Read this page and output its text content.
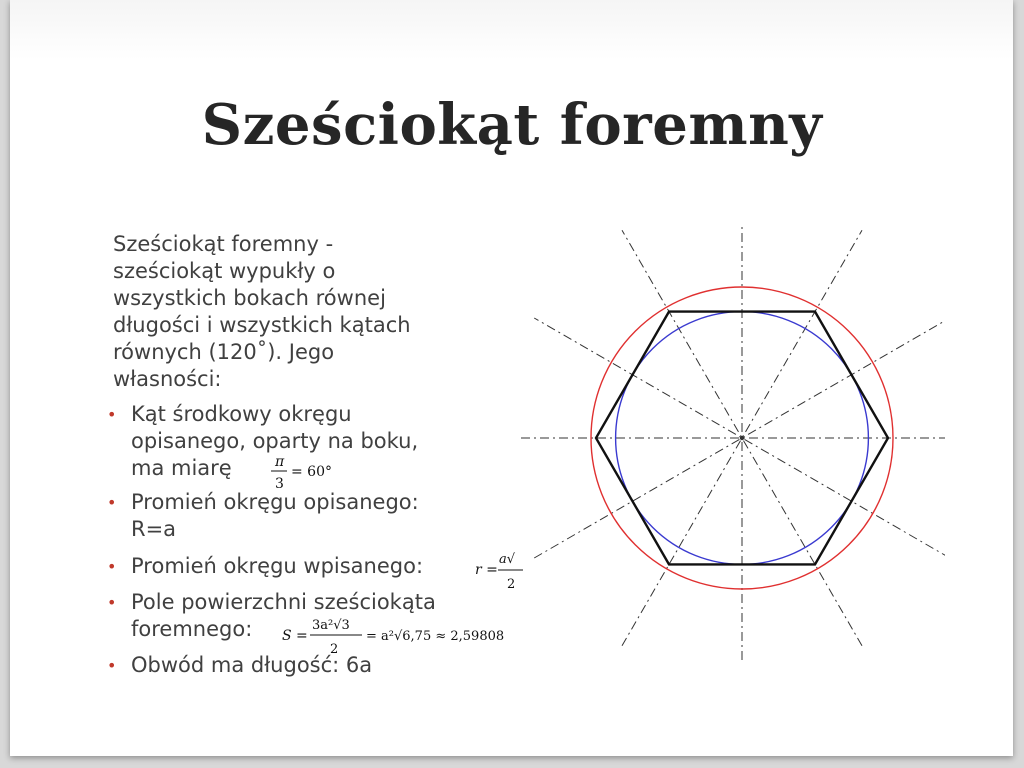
Sześciokąt foremny

Sześciokąt foremny -
sześciokąt wypukły o
wszystkich bokach równej
długości i wszystkich kątach
równych (120˚). Jego
własności:

• Kąt środkowy okręgu
opisanego, oparty na boku,
ma miarę
• Promień okręgu opisanego:
R=a
• Promień okręgu wpisanego:
• Pole powierzchni sześciokąta
foremnego:
• Obwód ma długość: 6a
π
3
= 60°
r =
a√
2
S =
3a²√3
2
= a²√6,75 ≈ 2,59808
